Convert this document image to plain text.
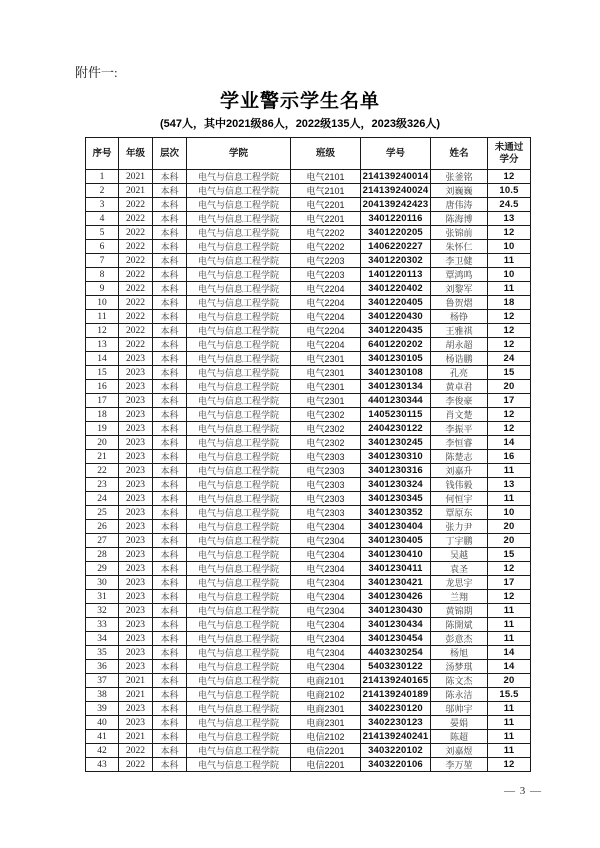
附件一:
学业警示学生名单
(547人，其中2021级86人，2022级135人，2023级326人)
序号	年级	层次	学院	班级	学号	姓名	未通过 学分
1	2021	本科	电气与信息工程学院	电气2101	214139240014	张釜铭	12
2	2021	本科	电气与信息工程学院	电气2101	214139240024	刘巍巍	10.5
3	2022	本科	电气与信息工程学院	电气2201	204139242423	唐伟涛	24.5
4	2022	本科	电气与信息工程学院	电气2201	3401220116	陈海博	13
5	2022	本科	电气与信息工程学院	电气2202	3401220205	张锦前	12
6	2022	本科	电气与信息工程学院	电气2202	1406220227	朱怀仁	10
7	2022	本科	电气与信息工程学院	电气2203	3401220302	李卫健	11
8	2022	本科	电气与信息工程学院	电气2203	1401220113	覃鸿鸣	10
9	2022	本科	电气与信息工程学院	电气2204	3401220402	刘黎军	11
10	2022	本科	电气与信息工程学院	电气2204	3401220405	鲁贺熠	18
11	2022	本科	电气与信息工程学院	电气2204	3401220430	杨铮	12
12	2022	本科	电气与信息工程学院	电气2204	3401220435	王雅祺	12
13	2022	本科	电气与信息工程学院	电气2204	6401220202	胡永超	12
14	2023	本科	电气与信息工程学院	电气2301	3401230105	杨诰鹏	24
15	2023	本科	电气与信息工程学院	电气2301	3401230108	孔亮	15
16	2023	本科	电气与信息工程学院	电气2301	3401230134	黄卓君	20
17	2023	本科	电气与信息工程学院	电气2301	4401230344	李俊豪	17
18	2023	本科	电气与信息工程学院	电气2302	1405230115	肖文楚	12
19	2023	本科	电气与信息工程学院	电气2302	2404230122	李振平	12
20	2023	本科	电气与信息工程学院	电气2302	3401230245	李恒睿	14
21	2023	本科	电气与信息工程学院	电气2303	3401230310	陈楚志	16
22	2023	本科	电气与信息工程学院	电气2303	3401230316	刘嘉升	11
23	2023	本科	电气与信息工程学院	电气2303	3401230324	钱伟毅	13
24	2023	本科	电气与信息工程学院	电气2303	3401230345	何恒宇	11
25	2023	本科	电气与信息工程学院	电气2303	3401230352	覃原东	10
26	2023	本科	电气与信息工程学院	电气2304	3401230404	张力尹	20
27	2023	本科	电气与信息工程学院	电气2304	3401230405	丁宇鹏	20
28	2023	本科	电气与信息工程学院	电气2304	3401230410	吴越	15
29	2023	本科	电气与信息工程学院	电气2304	3401230411	袁圣	12
30	2023	本科	电气与信息工程学院	电气2304	3401230421	龙思宇	17
31	2023	本科	电气与信息工程学院	电气2304	3401230426	兰翔	12
32	2023	本科	电气与信息工程学院	电气2304	3401230430	黄锦期	11
33	2023	本科	电气与信息工程学院	电气2304	3401230434	陈開斌	11
34	2023	本科	电气与信息工程学院	电气2304	3401230454	彭意杰	11
35	2023	本科	电气与信息工程学院	电气2304	4403230254	杨旭	14
36	2023	本科	电气与信息工程学院	电气2304	5403230122	汤梦琪	14
37	2021	本科	电气与信息工程学院	电商2101	214139240165	陈文杰	20
38	2021	本科	电气与信息工程学院	电商2102	214139240189	陈永洁	15.5
39	2023	本科	电气与信息工程学院	电商2301	3402230120	邬帅宇	11
40	2023	本科	电气与信息工程学院	电商2301	3402230123	晏娟	11
41	2021	本科	电气与信息工程学院	电信2102	214139240241	陈超	11
42	2022	本科	电气与信息工程学院	电信2201	3403220102	刘嘉煜	11
43	2022	本科	电气与信息工程学院	电信2201	3403220106	李万堃	12
— 3 —
